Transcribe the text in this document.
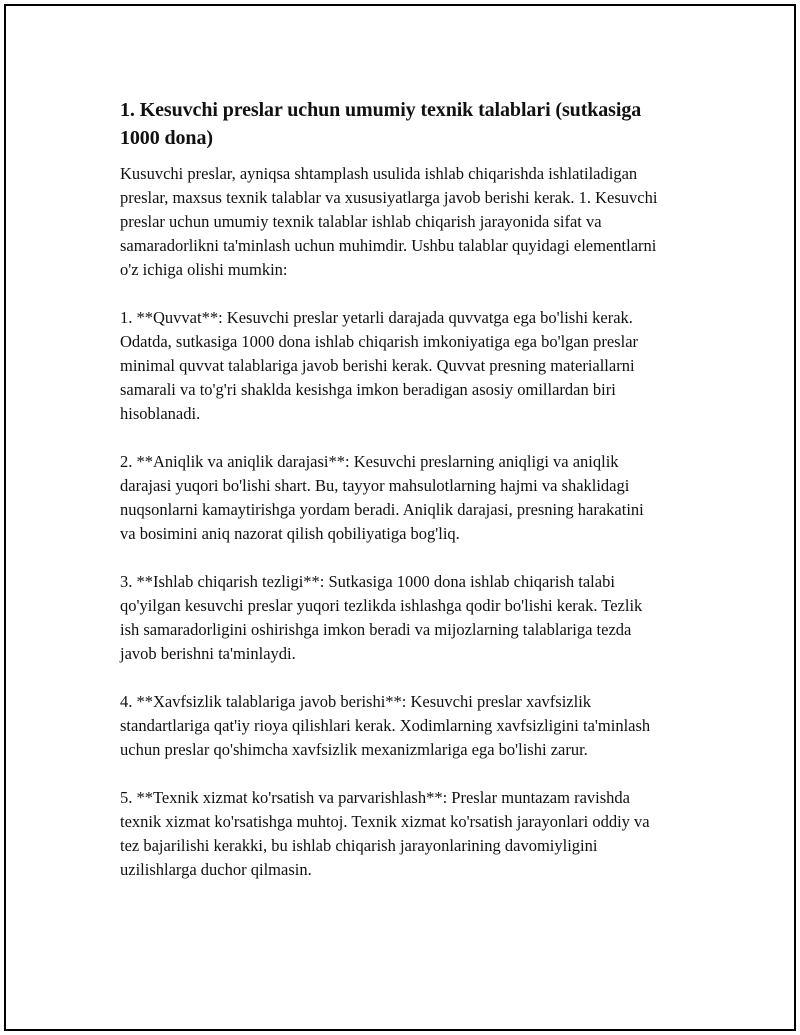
1. Kesuvchi preslar uchun umumiy texnik talablari (sutkasiga 1000 dona)

Kusuvchi preslar, ayniqsa shtamplash usulida ishlab chiqarishda ishlatiladigan preslar, maxsus texnik talablar va xususiyatlarga javob berishi kerak. 1. Kesuvchi preslar uchun umumiy texnik talablar ishlab chiqarish jarayonida sifat va samaradorlikni ta'minlash uchun muhimdir. Ushbu talablar quyidagi elementlarni o'z ichiga olishi mumkin:

1. **Quvvat**: Kesuvchi preslar yetarli darajada quvvatga ega bo'lishi kerak. Odatda, sutkasiga 1000 dona ishlab chiqarish imkoniyatiga ega bo'lgan preslar minimal quvvat talablariga javob berishi kerak. Quvvat presning materiallarni samarali va to'g'ri shaklda kesishga imkon beradigan asosiy omillardan biri hisoblanadi.

2. **Aniqlik va aniqlik darajasi**: Kesuvchi preslarning aniqligi va aniqlik darajasi yuqori bo'lishi shart. Bu, tayyor mahsulotlarning hajmi va shaklidagi nuqsonlarni kamaytirishga yordam beradi. Aniqlik darajasi, presning harakatini va bosimini aniq nazorat qilish qobiliyatiga bog'liq.

3. **Ishlab chiqarish tezligi**: Sutkasiga 1000 dona ishlab chiqarish talabi qo'yilgan kesuvchi preslar yuqori tezlikda ishlashga qodir bo'lishi kerak. Tezlik ish samaradorligini oshirishga imkon beradi va mijozlarning talablariga tezda javob berishni ta'minlaydi.

4. **Xavfsizlik talablariga javob berishi**: Kesuvchi preslar xavfsizlik standartlariga qat'iy rioya qilishlari kerak. Xodimlarning xavfsizligini ta'minlash uchun preslar qo'shimcha xavfsizlik mexanizmlariga ega bo'lishi zarur.

5. **Texnik xizmat ko'rsatish va parvarishlash**: Preslar muntazam ravishda texnik xizmat ko'rsatishga muhtoj. Texnik xizmat ko'rsatish jarayonlari oddiy va tez bajarilishi kerakki, bu ishlab chiqarish jarayonlarining davomiyligini uzilishlarga duchor qilmasin.
